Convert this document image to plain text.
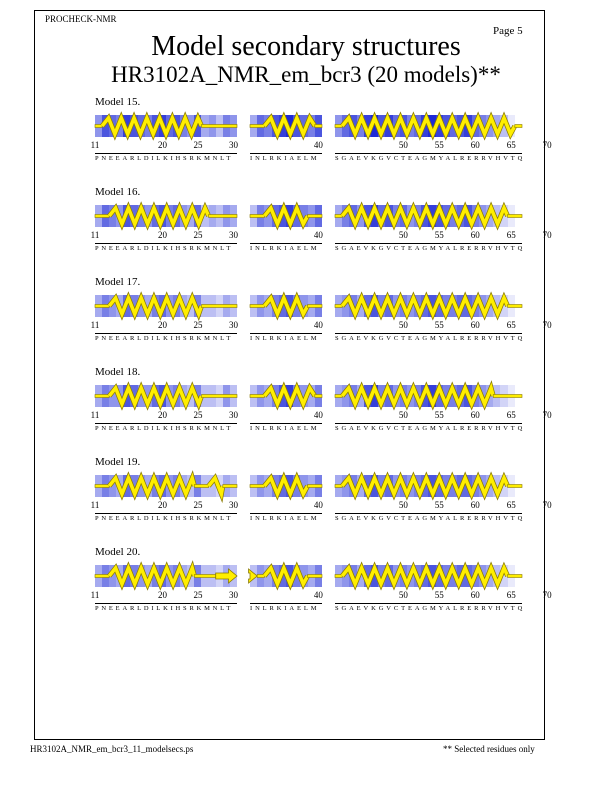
PROCHECK-NMR
Page 5
Model secondary structures
HR3102A_NMR_em_bcr3 (20 models)**
Model 15.
11	20	25	30
PNEEARLDILKIHSRKMNLT
40
INLRKIAELM
50	55	60	65	70
SGAEVKGVCTEAGMYALRERRVHVTQ
Model 16.
11	20	25	30
PNEEARLDILKIHSRKMNLT
40
INLRKIAELM
50	55	60	65	70
SGAEVKGVCTEAGMYALRERRVHVTQ
Model 17.
11	20	25	30
PNEEARLDILKIHSRKMNLT
40
INLRKIAELM
50	55	60	65	70
SGAEVKGVCTEAGMYALRERRVHVTQ
Model 18.
11	20	25	30
PNEEARLDILKIHSRKMNLT
40
INLRKIAELM
50	55	60	65	70
SGAEVKGVCTEAGMYALRERRVHVTQ
Model 19.
11	20	25	30
PNEEARLDILKIHSRKMNLT
40
INLRKIAELM
50	55	60	65	70
SGAEVKGVCTEAGMYALRERRVHVTQ
Model 20.
11	20	25	30
PNEEARLDILKIHSRKMNLT
40
INLRKIAELM
50	55	60	65	70
SGAEVKGVCTEAGMYALRERRVHVTQ
HR3102A_NMR_em_bcr3_11_modelsecs.ps	** Selected residues only
